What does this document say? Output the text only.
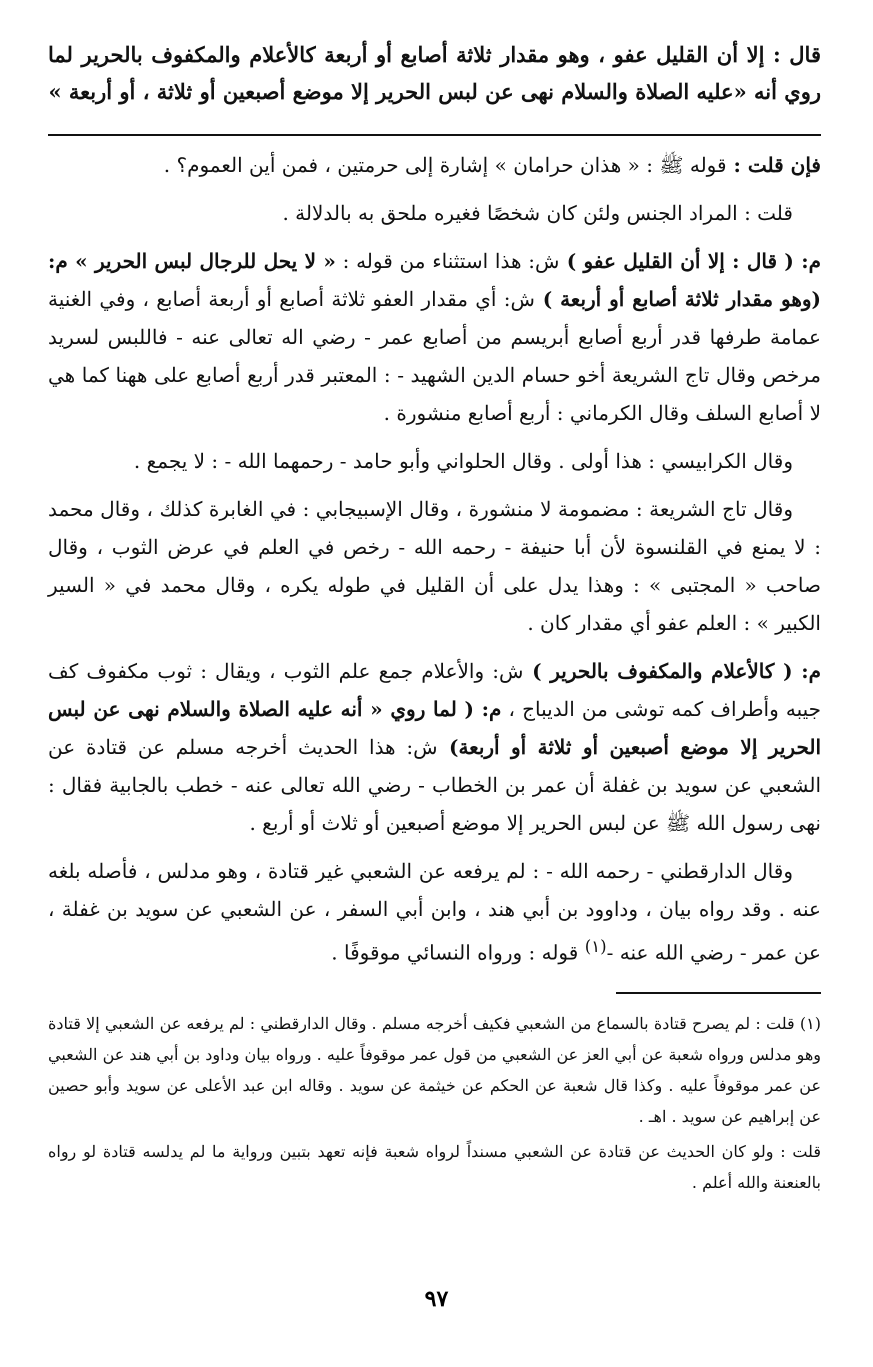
قال : إلا أن القليل عفو ، وهو مقدار ثلاثة أصابع أو أربعة كالأعلام والمكفوف بالحرير لما روي أنه «عليه الصلاة والسلام نهى عن لبس الحرير إلا موضع أصبعين أو ثلاثة ، أو أربعة »

فإن قلت : قوله ﷺ : « هذان حرامان » إشارة إلى حرمتين ، فمن أين العموم؟ .

قلت : المراد الجنس ولئن كان شخصًا فغيره ملحق به بالدلالة .

م: ( قال : إلا أن القليل عفو ) ش: هذا استثناء من قوله : « لا يحل للرجال لبس الحرير » م: (وهو مقدار ثلاثة أصابع أو أربعة ) ش: أي مقدار العفو ثلاثة أصابع أو أربعة أصابع ، وفي الغنية عمامة طرفها قدر أربع أصابع أبريسم من أصابع عمر - رضي اله تعالى عنه - فاللبس لسريد مرخص وقال تاج الشريعة أخو حسام الدين الشهيد - : المعتبر قدر أربع أصابع على ههنا كما هي لا أصابع السلف وقال الكرماني : أربع أصابع منشورة .

وقال الكرابيسي : هذا أولى . وقال الحلواني وأبو حامد - رحمهما الله - : لا يجمع .

وقال تاج الشريعة : مضمومة لا منشورة ، وقال الإسبيجابي : في الغابرة كذلك ، وقال محمد : لا يمنع في القلنسوة لأن أبا حنيفة - رحمه الله - رخص في العلم في عرض الثوب ، وقال صاحب « المجتبى » : وهذا يدل على أن القليل في طوله يكره ، وقال محمد في « السير الكبير » : العلم عفو أي مقدار كان .

م: ( كالأعلام والمكفوف بالحرير ) ش: والأعلام جمع علم الثوب ، ويقال : ثوب مكفوف كف جيبه وأطراف كمه توشى من الديباج ، م: ( لما روي « أنه عليه الصلاة والسلام نهى عن لبس الحرير إلا موضع أصبعين أو ثلاثة أو أربعة) ش: هذا الحديث أخرجه مسلم عن قتادة عن الشعبي عن سويد بن غفلة أن عمر بن الخطاب - رضي الله تعالى عنه - خطب بالجابية فقال : نهى رسول الله ﷺ عن لبس الحرير إلا موضع أصبعين أو ثلاث أو أربع .

وقال الدارقطني - رحمه الله - : لم يرفعه عن الشعبي غير قتادة ، وهو مدلس ، فأصله بلغه عنه . وقد رواه بيان ، وداوود بن أبي هند ، وابن أبي السفر ، عن الشعبي عن سويد بن غفلة ، عن عمر - رضي الله عنه -$^{(١)}$ قوله : ورواه النسائي موقوفًا .

(١) قلت : لم يصرح قتادة بالسماع من الشعبي فكيف أخرجه مسلم . وقال الدارقطني : لم يرفعه عن الشعبي إلا قتادة وهو مدلس ورواه شعبة عن أبي العز عن الشعبي من قول عمر موقوفاً عليه . ورواه بيان وداود بن أبي هند عن الشعبي عن عمر موقوفاً عليه . وكذا قال شعبة عن الحكم عن خيثمة عن سويد . وقاله ابن عبد الأعلى عن سويد وأبو حصين عن إبراهيم عن سويد . اهـ .

قلت : ولو كان الحديث عن قتادة عن الشعبي مسنداً لرواه شعبة فإنه تعهد بتبين ورواية ما لم يدلسه قتادة لو رواه بالعنعنة والله أعلم .

٩٧
